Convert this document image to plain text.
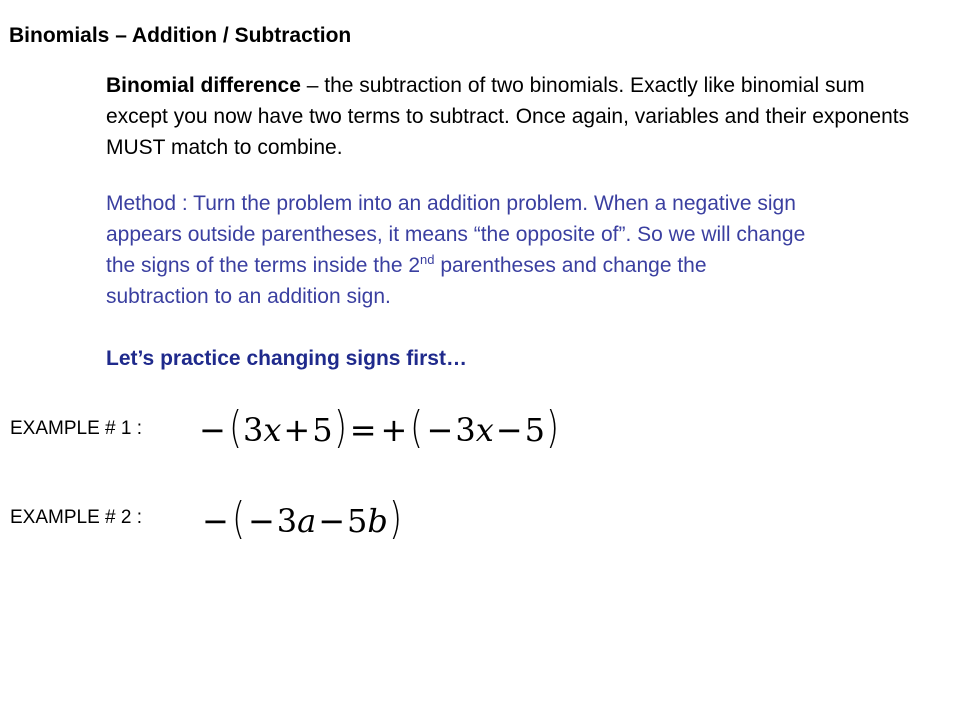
Binomials – Addition / Subtraction
Binomial difference – the subtraction of two binomials. Exactly like binomial sum except you now have two terms to subtract. Once again, variables and their exponents MUST match to combine.
Method : Turn the problem into an addition problem. When a negative sign appears outside parentheses, it means “the opposite of”. So we will change the signs of the terms inside the 2nd parentheses and change the subtraction to an addition sign.
Let’s practice changing signs first…
EXAMPLE # 1 : − ( 3 x + 5 ) = + ( − 3 x − 5 )
EXAMPLE # 2 : − ( − 3 a − 5 b )
